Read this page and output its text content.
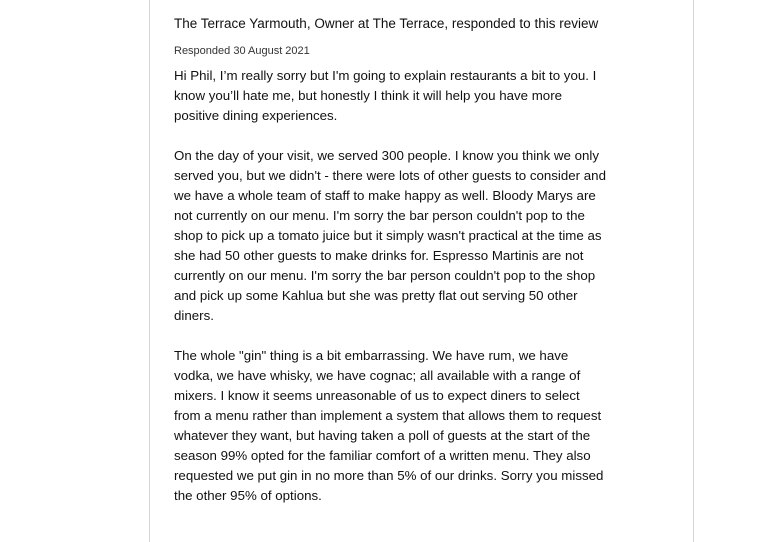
The Terrace Yarmouth, Owner at The Terrace, responded to this review

Responded 30 August 2021

Hi Phil, I’m really sorry but I'm going to explain restaurants a bit to you. I know you’ll hate me, but honestly I think it will help you have more positive dining experiences.

On the day of your visit, we served 300 people. I know you think we only served you, but we didn't - there were lots of other guests to consider and we have a whole team of staff to make happy as well. Bloody Marys are not currently on our menu. I'm sorry the bar person couldn't pop to the shop to pick up a tomato juice but it simply wasn't practical at the time as she had 50 other guests to make drinks for. Espresso Martinis are not currently on our menu. I'm sorry the bar person couldn't pop to the shop and pick up some Kahlua but she was pretty flat out serving 50 other diners.

The whole "gin" thing is a bit embarrassing. We have rum, we have vodka, we have whisky, we have cognac; all available with a range of mixers. I know it seems unreasonable of us to expect diners to select from a menu rather than implement a system that allows them to request whatever they want, but having taken a poll of guests at the start of the season 99% opted for the familiar comfort of a written menu. They also requested we put gin in no more than 5% of our drinks. Sorry you missed the other 95% of options.
